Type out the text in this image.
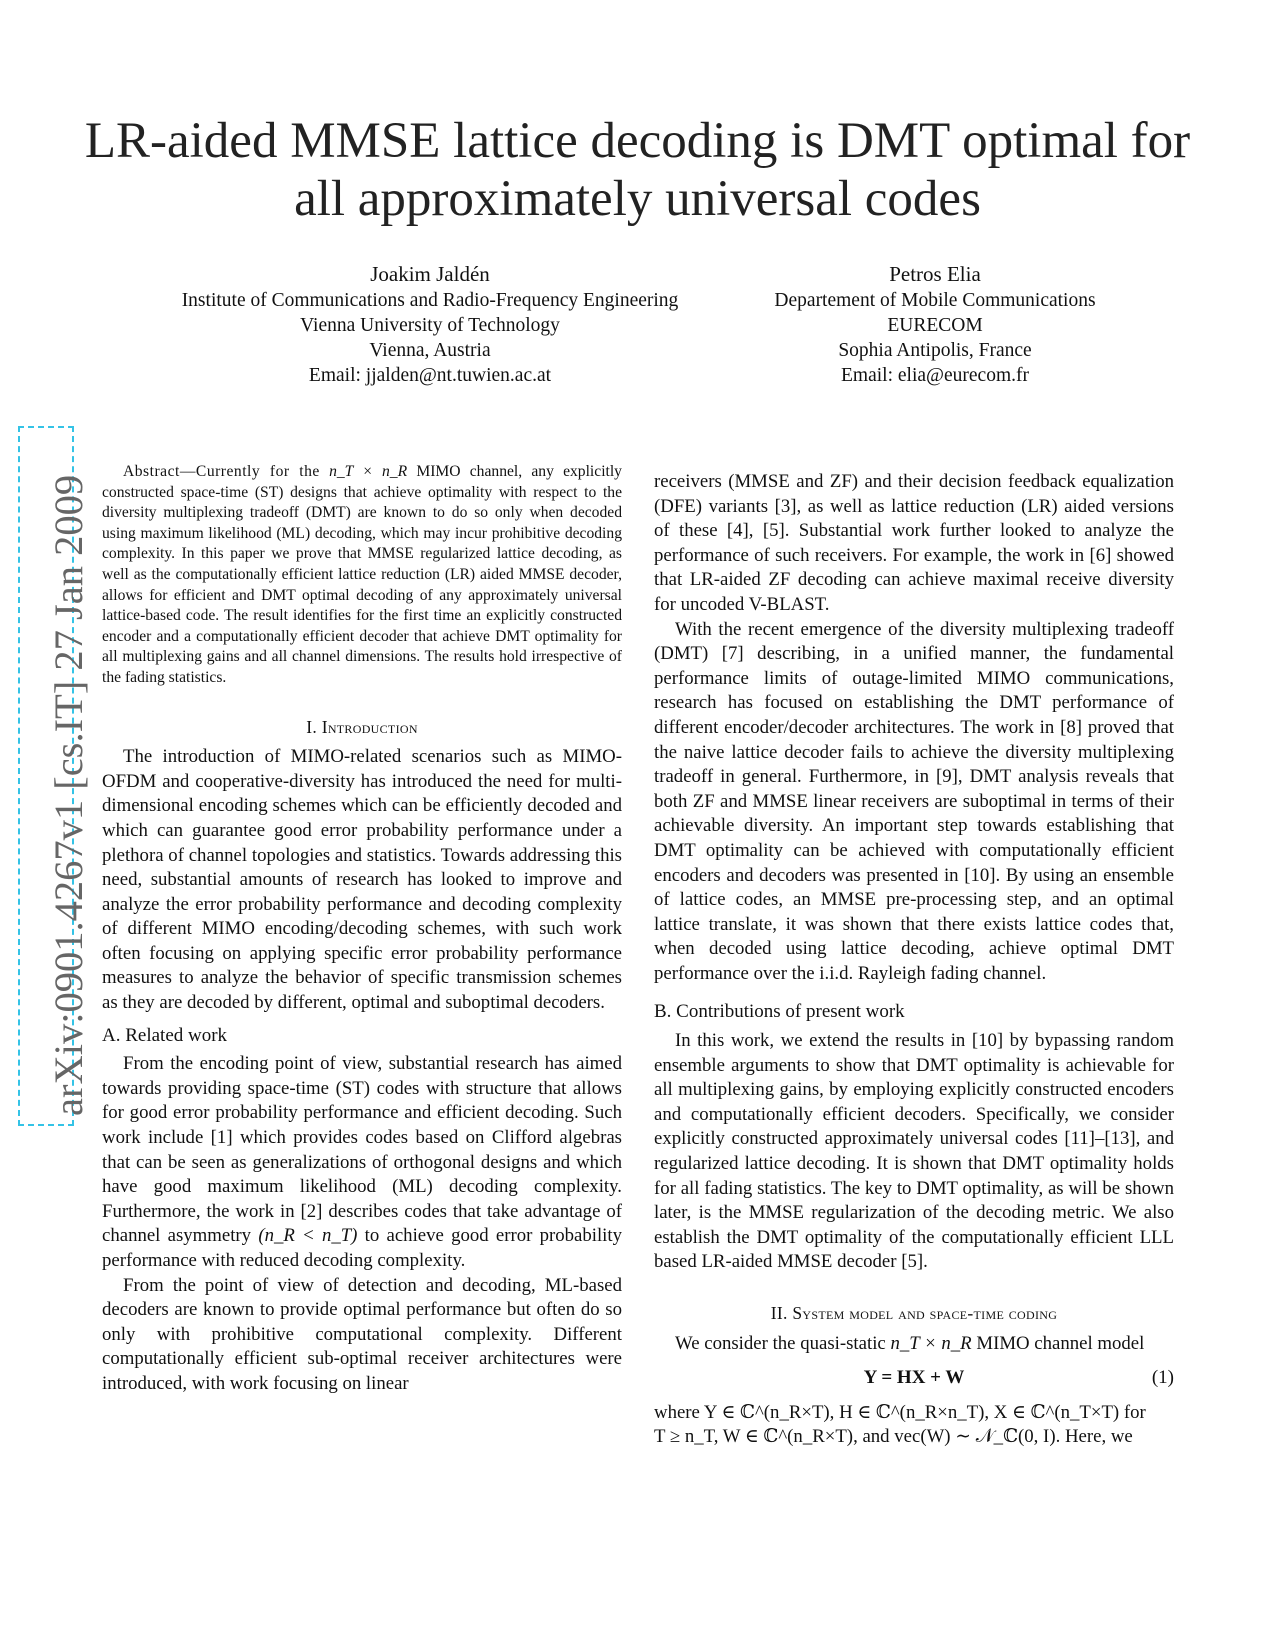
LR-aided MMSE lattice decoding is DMT optimal for all approximately universal codes
Joakim Jaldén
Institute of Communications and Radio-Frequency Engineering
Vienna University of Technology
Vienna, Austria
Email: jjalden@nt.tuwien.ac.at
Petros Elia
Departement of Mobile Communications
EURECOM
Sophia Antipolis, France
Email: elia@eurecom.fr
arXiv:0901.4267v1 [cs.IT] 27 Jan 2009

Abstract—Currently for the n_T × n_R MIMO channel, any explicitly constructed space-time (ST) designs that achieve optimality with respect to the diversity multiplexing tradeoff (DMT) are known to do so only when decoded using maximum likelihood (ML) decoding, which may incur prohibitive decoding complexity. In this paper we prove that MMSE regularized lattice decoding, as well as the computationally efficient lattice reduction (LR) aided MMSE decoder, allows for efficient and DMT optimal decoding of any approximately universal lattice-based code. The result identifies for the first time an explicitly constructed encoder and a computationally efficient decoder that achieve DMT optimality for all multiplexing gains and all channel dimensions. The results hold irrespective of the fading statistics.

I. Introduction

The introduction of MIMO-related scenarios such as MIMO-OFDM and cooperative-diversity has introduced the need for multi-dimensional encoding schemes which can be efficiently decoded and which can guarantee good error probability performance under a plethora of channel topologies and statistics. Towards addressing this need, substantial amounts of research has looked to improve and analyze the error probability performance and decoding complexity of different MIMO encoding/decoding schemes, with such work often focusing on applying specific error probability performance measures to analyze the behavior of specific transmission schemes as they are decoded by different, optimal and suboptimal decoders.

A. Related work

From the encoding point of view, substantial research has aimed towards providing space-time (ST) codes with structure that allows for good error probability performance and efficient decoding. Such work include [1] which provides codes based on Clifford algebras that can be seen as generalizations of orthogonal designs and which have good maximum likelihood (ML) decoding complexity. Furthermore, the work in [2] describes codes that take advantage of channel asymmetry (n_R < n_T) to achieve good error probability performance with reduced decoding complexity.

From the point of view of detection and decoding, ML-based decoders are known to provide optimal performance but often do so only with prohibitive computational complexity. Different computationally efficient sub-optimal receiver architectures were introduced, with work focusing on linear

receivers (MMSE and ZF) and their decision feedback equalization (DFE) variants [3], as well as lattice reduction (LR) aided versions of these [4], [5]. Substantial work further looked to analyze the performance of such receivers. For example, the work in [6] showed that LR-aided ZF decoding can achieve maximal receive diversity for uncoded V-BLAST.

With the recent emergence of the diversity multiplexing tradeoff (DMT) [7] describing, in a unified manner, the fundamental performance limits of outage-limited MIMO communications, research has focused on establishing the DMT performance of different encoder/decoder architectures. The work in [8] proved that the naive lattice decoder fails to achieve the diversity multiplexing tradeoff in general. Furthermore, in [9], DMT analysis reveals that both ZF and MMSE linear receivers are suboptimal in terms of their achievable diversity. An important step towards establishing that DMT optimality can be achieved with computationally efficient encoders and decoders was presented in [10]. By using an ensemble of lattice codes, an MMSE pre-processing step, and an optimal lattice translate, it was shown that there exists lattice codes that, when decoded using lattice decoding, achieve optimal DMT performance over the i.i.d. Rayleigh fading channel.

B. Contributions of present work

In this work, we extend the results in [10] by bypassing random ensemble arguments to show that DMT optimality is achievable for all multiplexing gains, by employing explicitly constructed encoders and computationally efficient decoders. Specifically, we consider explicitly constructed approximately universal codes [11]–[13], and regularized lattice decoding. It is shown that DMT optimality holds for all fading statistics. The key to DMT optimality, as will be shown later, is the MMSE regularization of the decoding metric. We also establish the DMT optimality of the computationally efficient LLL based LR-aided MMSE decoder [5].

II. System model and space-time coding

We consider the quasi-static n_T × n_R MIMO channel model

Y = HX + W	(1)

where Y ∈ ℂ^(n_R×T), H ∈ ℂ^(n_R×n_T), X ∈ ℂ^(n_T×T) for
T ≥ n_T, W ∈ ℂ^(n_R×T), and vec(W) ∼ 𝒩_ℂ(0, I). Here, we
